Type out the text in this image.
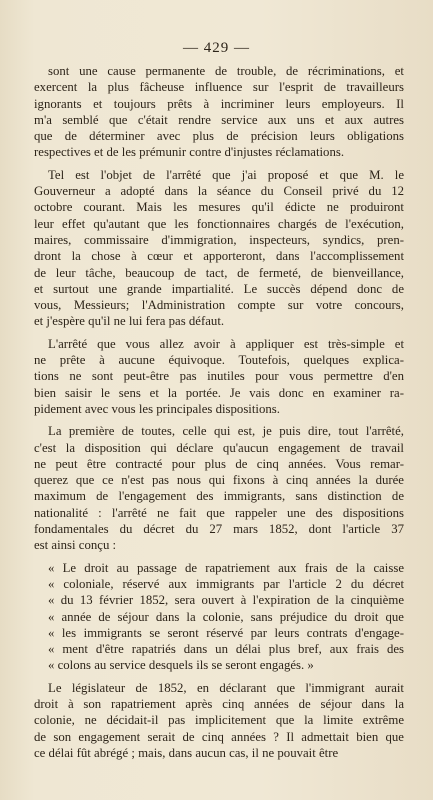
— 429 —
sont une cause permanente de trouble, de récriminations, et
exercent la plus fâcheuse influence sur l'esprit de travailleurs
ignorants et toujours prêts à incriminer leurs employeurs. Il
m'a semblé que c'était rendre service aux uns et aux autres
que de déterminer avec plus de précision leurs obligations
respectives et de les prémunir contre d'injustes réclamations.
Tel est l'objet de l'arrêté que j'ai proposé et que M. le
Gouverneur a adopté dans la séance du Conseil privé du 12
octobre courant. Mais les mesures qu'il édicte ne produiront
leur effet qu'autant que les fonctionnaires chargés de l'exécution,
maires, commissaire d'immigration, inspecteurs, syndics, pren-
dront la chose à cœur et apporteront, dans l'accomplissement
de leur tâche, beaucoup de tact, de fermeté, de bienveillance,
et surtout une grande impartialité. Le succès dépend donc de
vous, Messieurs; l'Administration compte sur votre concours,
et j'espère qu'il ne lui fera pas défaut.
L'arrêté que vous allez avoir à appliquer est très-simple et
ne prête à aucune équivoque. Toutefois, quelques explica-
tions ne sont peut-être pas inutiles pour vous permettre d'en
bien saisir le sens et la portée. Je vais donc en examiner ra-
pidement avec vous les principales dispositions.
La première de toutes, celle qui est, je puis dire, tout l'arrêté,
c'est la disposition qui déclare qu'aucun engagement de travail
ne peut être contracté pour plus de cinq années. Vous remar-
querez que ce n'est pas nous qui fixons à cinq années la durée
maximum de l'engagement des immigrants, sans distinction de
nationalité : l'arrêté ne fait que rappeler une des dispositions
fondamentales du décret du 27 mars 1852, dont l'article 37
est ainsi conçu :
« Le droit au passage de rapatriement aux frais de la caisse
« coloniale, réservé aux immigrants par l'article 2 du décret
« du 13 février 1852, sera ouvert à l'expiration de la cinquième
« année de séjour dans la colonie, sans préjudice du droit que
« les immigrants se seront réservé par leurs contrats d'engage-
« ment d'être rapatriés dans un délai plus bref, aux frais des
« colons au service desquels ils se seront engagés. »
Le législateur de 1852, en déclarant que l'immigrant aurait
droit à son rapatriement après cinq années de séjour dans la
colonie, ne décidait-il pas implicitement que la limite extrême
de son engagement serait de cinq années ? Il admettait bien que
ce délai fût abrégé ; mais, dans aucun cas, il ne pouvait être
